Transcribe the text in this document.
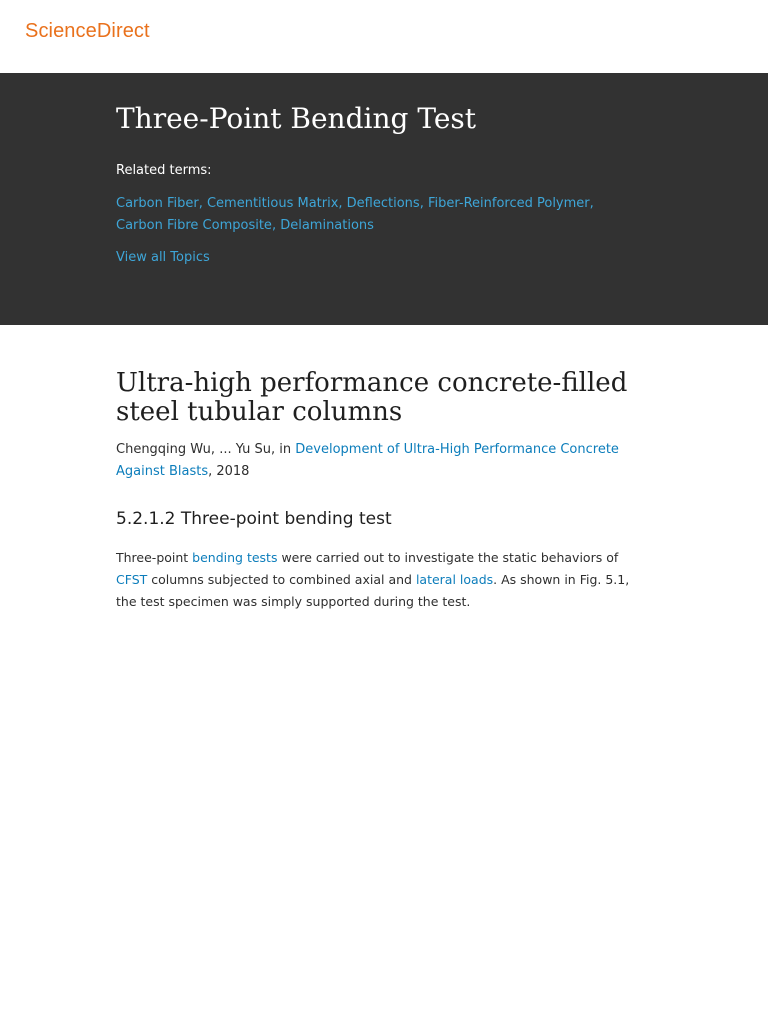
ScienceDirect
Three-Point Bending Test
Related terms:
Carbon Fiber, Cementitious Matrix, Deflections, Fiber-Reinforced Polymer, Carbon Fibre Composite, Delaminations
View all Topics
Ultra-high performance concrete-filled steel tubular columns
Chengqing Wu, ... Yu Su, in Development of Ultra-High Performance Concrete Against Blasts, 2018
5.2.1.2 Three-point bending test

Three-point bending tests were carried out to investigate the static behaviors of CFST columns subjected to combined axial and lateral loads. As shown in Fig. 5.1, the test specimen was simply supported during the test.
